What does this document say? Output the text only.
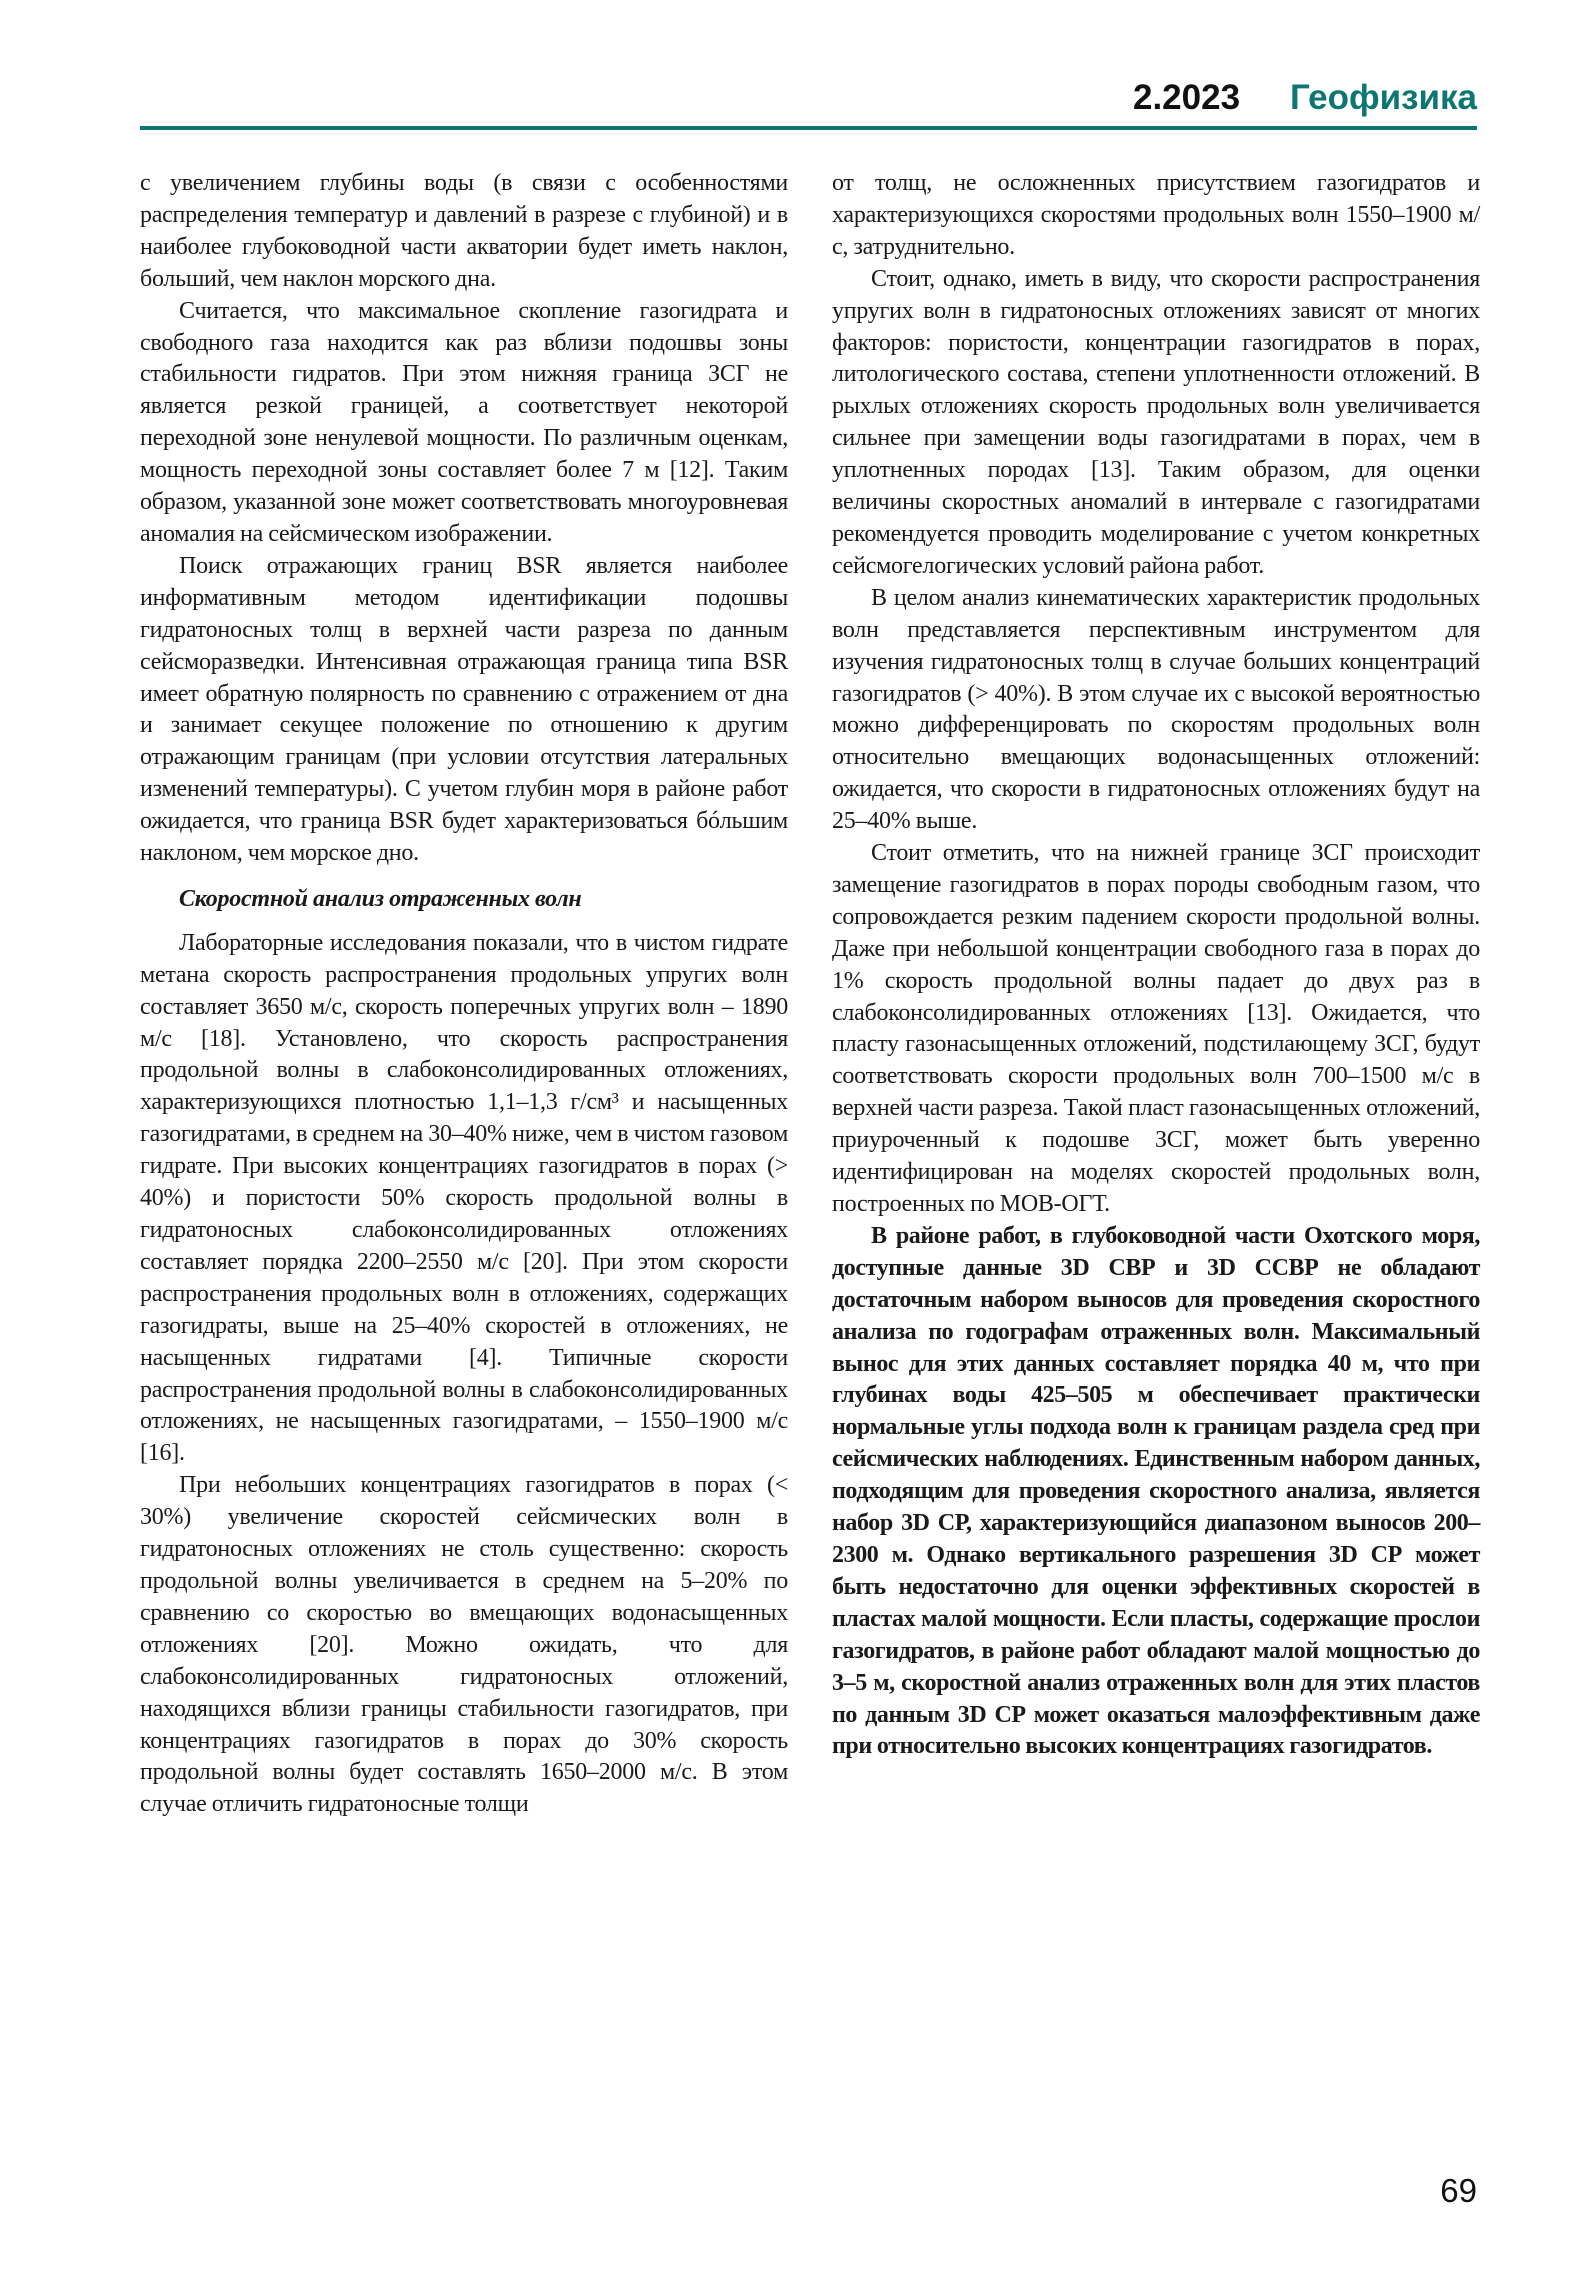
2.2023 Геофизика

с увеличением глубины воды (в связи с особенностями распределения температур и давлений в разрезе с глубиной) и в наиболее глубоководной части акватории будет иметь наклон, больший, чем наклон морского дна.

Считается, что максимальное скопление газогидрата и свободного газа находится как раз вблизи подошвы зоны стабильности гидратов. При этом нижняя граница ЗСГ не является резкой границей, а соответствует некоторой переходной зоне ненулевой мощности. По различным оценкам, мощность переходной зоны составляет более 7 м [12]. Таким образом, указанной зоне может соответствовать многоуровневая аномалия на сейсмическом изображении.

Поиск отражающих границ BSR является наиболее информативным методом идентификации подошвы гидратоносных толщ в верхней части разреза по данным сейсморазведки. Интенсивная отражающая граница типа BSR имеет обратную полярность по сравнению с отражением от дна и занимает секущее положение по отношению к другим отражающим границам (при условии отсутствия латеральных изменений температуры). С учетом глубин моря в районе работ ожидается, что граница BSR будет характеризоваться бóльшим наклоном, чем морское дно.

Скоростной анализ отраженных волн

Лабораторные исследования показали, что в чистом гидрате метана скорость распространения продольных упругих волн составляет 3650 м/с, скорость поперечных упругих волн – 1890 м/с [18]. Установлено, что скорость распространения продольной волны в слабоконсолидированных отложениях, характеризующихся плотностью 1,1–1,3 г/см³ и насыщенных газогидратами, в среднем на 30–40% ниже, чем в чистом газовом гидрате. При высоких концентрациях газогидратов в порах (> 40%) и пористости 50% скорость продольной волны в гидратоносных слабоконсолидированных отложениях составляет порядка 2200–2550 м/с [20]. При этом скорости распространения продольных волн в отложениях, содержащих газогидраты, выше на 25–40% скоростей в отложениях, не насыщенных гидратами [4]. Типичные скорости распространения продольной волны в слабоконсолидированных отложениях, не насыщенных газогидратами, – 1550–1900 м/с [16].

При небольших концентрациях газогидратов в порах (< 30%) увеличение скоростей сейсмических волн в гидратоносных отложениях не столь существенно: скорость продольной волны увеличивается в среднем на 5–20% по сравнению со скоростью во вмещающих водонасыщенных отложениях [20]. Можно ожидать, что для слабоконсолидированных гидратоносных отложений, находящихся вблизи границы стабильности газогидратов, при концентрациях газогидратов в порах до 30% скорость продольной волны будет составлять 1650–2000 м/с. В этом случае отличить гидратоносные толщи

от толщ, не осложненных присутствием газогидратов и характеризующихся скоростями продольных волн 1550–1900 м/с, затруднительно.

Стоит, однако, иметь в виду, что скорости распространения упругих волн в гидратоносных отложениях зависят от многих факторов: пористости, концентрации газогидратов в порах, литологического состава, степени уплотненности отложений. В рыхлых отложениях скорость продольных волн увеличивается сильнее при замещении воды газогидратами в порах, чем в уплотненных породах [13]. Таким образом, для оценки величины скоростных аномалий в интервале с газогидратами рекомендуется проводить моделирование с учетом конкретных сейсмогелогических условий района работ.

В целом анализ кинематических характеристик продольных волн представляется перспективным инструментом для изучения гидратоносных толщ в случае больших концентраций газогидратов (> 40%). В этом случае их с высокой вероятностью можно дифференцировать по скоростям продольных волн относительно вмещающих водонасыщенных отложений: ожидается, что скорости в гидратоносных отложениях будут на 25–40% выше.

Стоит отметить, что на нижней границе ЗСГ происходит замещение газогидратов в порах породы свободным газом, что сопровождается резким падением скорости продольной волны. Даже при небольшой концентрации свободного газа в порах до 1% скорость продольной волны падает до двух раз в слабоконсолидированных отложениях [13]. Ожидается, что пласту газонасыщенных отложений, подстилающему ЗСГ, будут соответствовать скорости продольных волн 700–1500 м/с в верхней части разреза. Такой пласт газонасыщенных отложений, приуроченный к подошве ЗСГ, может быть уверенно идентифицирован на моделях скоростей продольных волн, построенных по МОВ-ОГТ.

В районе работ, в глубоководной части Охотского моря, доступные данные 3D СВР и 3D ССВР не обладают достаточным набором выносов для проведения скоростного анализа по годографам отраженных волн. Максимальный вынос для этих данных составляет порядка 40 м, что при глубинах воды 425–505 м обеспечивает практически нормальные углы подхода волн к границам раздела сред при сейсмических наблюдениях. Единственным набором данных, подходящим для проведения скоростного анализа, является набор 3D СР, характеризующийся диапазоном выносов 200–2300 м. Однако вертикального разрешения 3D СР может быть недостаточно для оценки эффективных скоростей в пластах малой мощности. Если пласты, содержащие прослои газогидратов, в районе работ обладают малой мощностью до 3–5 м, скоростной анализ отраженных волн для этих пластов по данным 3D СР может оказаться малоэффективным даже при относительно высоких концентрациях газогидратов.

69
